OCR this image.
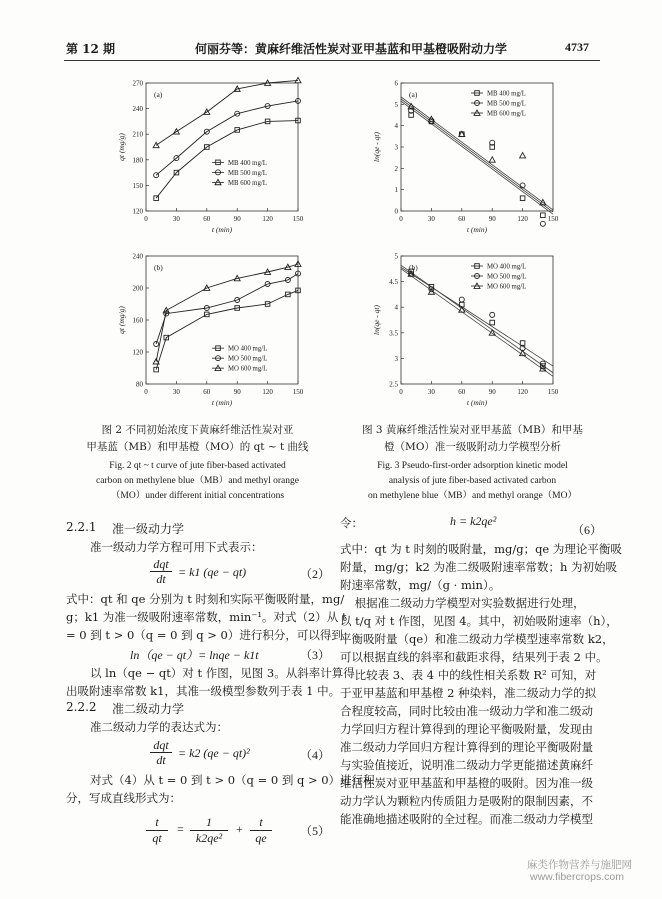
第 12 期	何丽芬等：黄麻纤维活性炭对亚甲基蓝和甲基橙吸附动力学	4737
0	30	60	90	120	150
120
150
180
210
240
270
t (min)
qt (mg/g)
(a)
MB 400 mg/L
MB 500 mg/L
MB 600 mg/L
0	30	60	90	120	150
80
120
160
200
240
t (min)
qt (mg/g)
(b)
MO 400 mg/L
MO 500 mg/L
MO 600 mg/L
0	30	60	90	120	150
0
1
2
3
4
5
6
t (min)
ln(qe - qt)
(a)	MB 400 mg/L
MB 500 mg/L
MB 600 mg/L
0	30	60	90	120	150
2.5
3
3.5
4
4.5
5
t (min)
ln(qe - qt)
(b)	MO 400 mg/L
MO 500 mg/L
MO 600 mg/L
图 2 不同初始浓度下黄麻纤维活性炭对亚
甲基蓝（MB）和甲基橙（MO）的 qt ~ t 曲线
Fig. 2 qt ~ t curve of jute fiber-based activated
carbon on methylene blue（MB）and methyl orange
（MO）under different initial concentrations
图 3 黄麻纤维活性炭对亚甲基蓝（MB）和甲基
橙（MO）准一级吸附动力学模型分析
Fig. 3 Pseudo-first-order adsorption kinetic model
analysis of jute fiber-based activated carbon
on methylene blue（MB）and methyl orange（MO）
2.2.1 准一级动力学
准一级动力学方程可用下式表示：
dqt
dt	= k1 (qe − qt)	（2）
式中：qt 和 qe 分别为 t 时刻和实际平衡吸附量，mg/
g；k1 为准一级吸附速率常数，min⁻¹。对式（2）从 t
= 0 到 t > 0（q = 0 到 q > 0）进行积分，可以得到：
ln（qe − qt）= lnqe − k1t	（3）
以 ln（qe − qt）对 t 作图，见图 3。从斜率计算得
出吸附速率常数 k1，其准一级模型参数列于表 1 中。
2.2.2 准二级动力学
准二级动力学的表达式为：
dqt
dt	= k2 (qe − qt)²	（4）
对式（4）从 t = 0 到 t > 0（q = 0 到 q > 0）进行积
分，写成直线形式为：
$\frac{t}{qt} = \frac{1}{\text{k2qe²}} + \frac{t}{qe} (5)$
令：	h = k2qe²
（6）
式中：qt 为 t 时刻的吸附量，mg/g；qe 为理论平衡吸
附量，mg/g；k2 为准二级吸附速率常数；h 为初始吸
附速率常数，mg/（g · min）。
根据准二级动力学模型对实验数据进行处理，
以 t/q 对 t 作图，见图 4。其中，初始吸附速率（h），
平衡吸附量（qe）和准二级动力学模型速率常数 k2，
可以根据直线的斜率和截距求得，结果列于表 2 中。
比较表 3、表 4 中的线性相关系数 R² 可知，对
于亚甲基蓝和甲基橙 2 种染料，准二级动力学的拟
合程度较高，同时比较由准一级动力学和准二级动
力学回归方程计算得到的理论平衡吸附量，发现由
准二级动力学回归方程计算得到的理论平衡吸附量
与实验值接近，说明准二级动力学更能描述黄麻纤
维活性炭对亚甲基蓝和甲基橙的吸附。因为准一级
动力学认为颗粒内传质阻力是吸附的限制因素，不
能准确地描述吸附的全过程。而准二级动力学模型
麻类作物营养与施肥网
www.fibercrops.com
